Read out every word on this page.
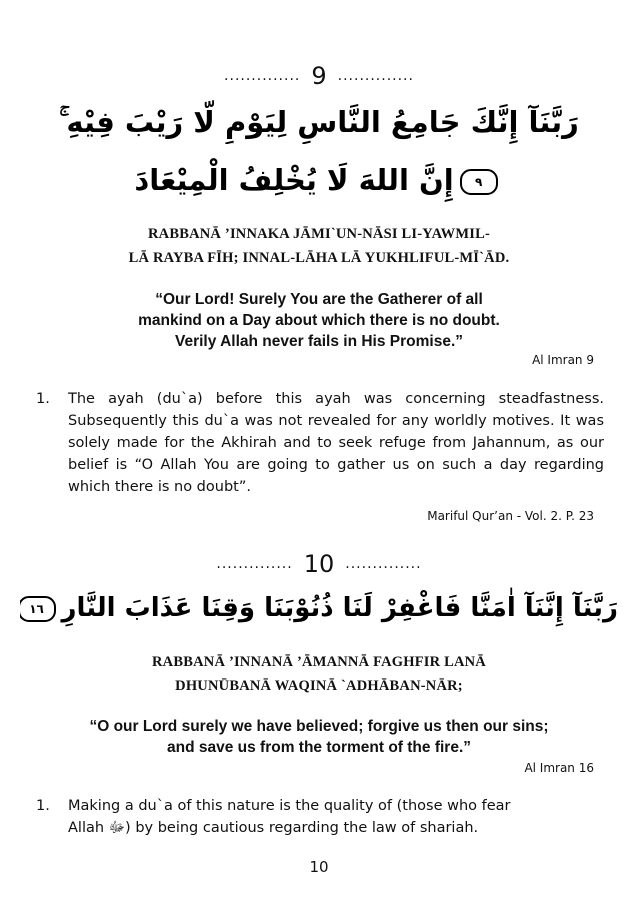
.............. 9 ..............
رَبَّنَآ إِنَّكَ جَامِعُ النَّاسِ لِيَوْمٍ لَّا رَيْبَ فِيْهِ ۚ
٩إِنَّ اللهَ لَا يُخْلِفُ الْمِيْعَادَ
RABBANĀ ’INNAKA JĀMI`UN-NĀSI LI-YAWMIL-
LĀ RAYBA FĪH; INNAL-LĀHA LĀ YUKHLIFUL-MĪ`ĀD.
“Our Lord! Surely You are the Gatherer of all
mankind on a Day about which there is no doubt.
Verily Allah never fails in His Promise.”
Al Imran 9
1. The ayah (du`a) before this ayah was concerning steadfastness. Subsequently this du`a was not revealed for any worldly motives. It was solely made for the Akhirah and to seek refuge from Jahannum, as our belief is “O Allah You are going to gather us on such a day regarding which there is no doubt”.
Mariful Qur’an - Vol. 2. P. 23
.............. 10 ..............
رَبَّنَآ إِنَّنَآ اٰمَنَّا فَاغْفِرْ لَنَا ذُنُوْبَنَا وَقِنَا عَذَابَ النَّارِ١٦
RABBANĀ ’INNANĀ ’ĀMANNĀ FAGHFIR LANĀ
DHUNŪBANĀ WAQINĀ `ADHĀBAN-NĀR;
“O our Lord surely we have believed; forgive us then our sins;
and save us from the torment of the fire.”
Al Imran 16
1. Making a du`a of this nature is the quality of (those who fear
Allah ﷻ) by being cautious regarding the law of shariah.
10
